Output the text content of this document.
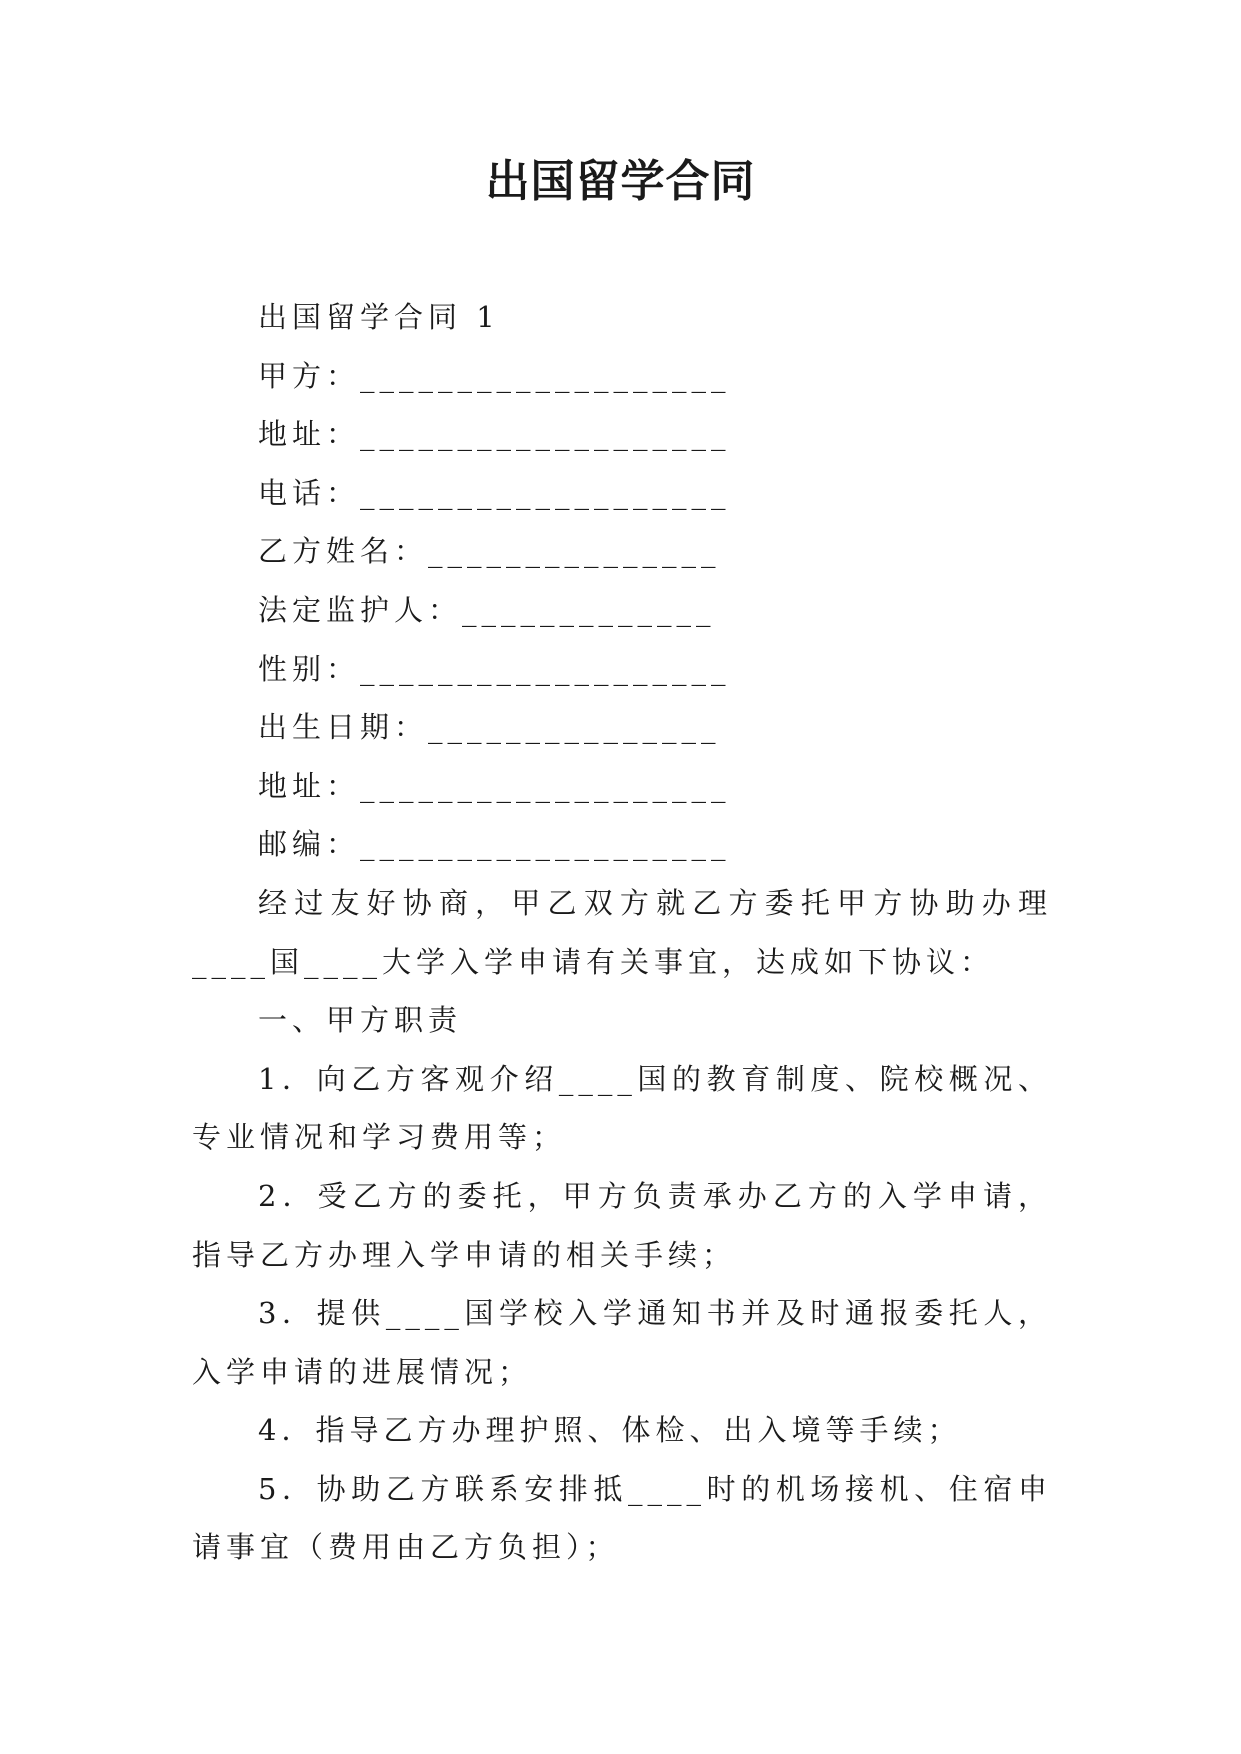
出国留学合同

出国留学合同 1

甲方：___________________

地址：___________________

电话：___________________

乙方姓名：_______________

法定监护人：_____________

性别：___________________

出生日期：_______________

地址：___________________

邮编：___________________

经过友好协商，甲乙双方就乙方委托甲方协助办理____国____大学入学申请有关事宜，达成如下协议：

一、甲方职责

1．向乙方客观介绍____国的教育制度、院校概况、专业情况和学习费用等；

2．受乙方的委托，甲方负责承办乙方的入学申请，指导乙方办理入学申请的相关手续；

3．提供____国学校入学通知书并及时通报委托人，入学申请的进展情况；

4．指导乙方办理护照、体检、出入境等手续；

5．协助乙方联系安排抵____时的机场接机、住宿申请事宜（费用由乙方负担）；
